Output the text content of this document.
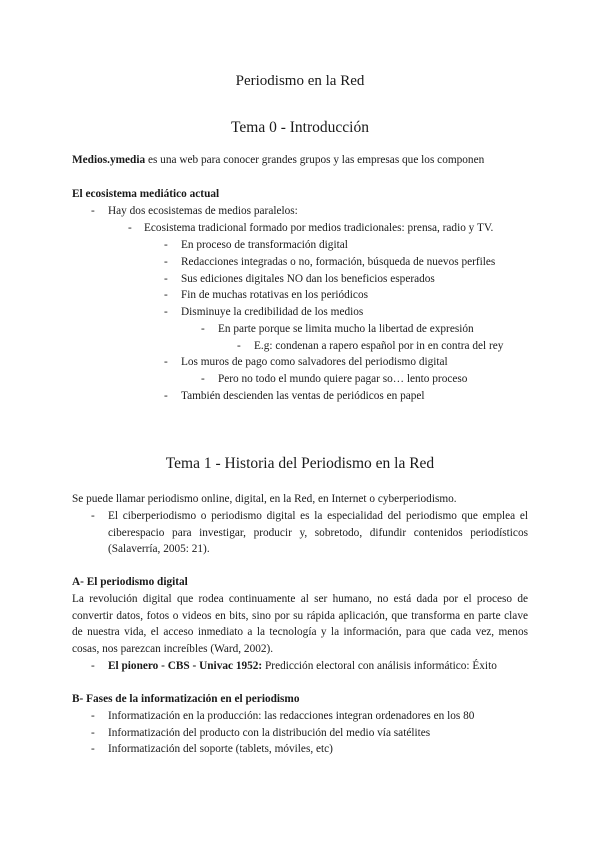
Periodismo en la Red
Tema 0 - Introducción
Medios.ymedia es una web para conocer grandes grupos y las empresas que los componen
El ecosistema mediático actual
- Hay dos ecosistemas de medios paralelos:
- Ecosistema tradicional formado por medios tradicionales: prensa, radio y TV.
- En proceso de transformación digital
- Redacciones integradas o no, formación, búsqueda de nuevos perfiles
- Sus ediciones digitales NO dan los beneficios esperados
- Fin de muchas rotativas en los periódicos
- Disminuye la credibilidad de los medios
- En parte porque se limita mucho la libertad de expresión
- E.g: condenan a rapero español por in en contra del rey
- Los muros de pago como salvadores del periodismo digital
- Pero no todo el mundo quiere pagar so… lento proceso
- También descienden las ventas de periódicos en papel
Tema 1 - Historia del Periodismo en la Red
Se puede llamar periodismo online, digital, en la Red, en Internet o cyberperiodismo.
- El ciberperiodismo o periodismo digital es la especialidad del periodismo que emplea el ciberespacio para investigar, producir y, sobretodo, difundir contenidos periodísticos (Salaverría, 2005: 21).
A- El periodismo digital
La revolución digital que rodea continuamente al ser humano, no está dada por el proceso de convertir datos, fotos o videos en bits, sino por su rápida aplicación, que transforma en parte clave de nuestra vida, el acceso inmediato a la tecnología y la información, para que cada vez, menos cosas, nos parezcan increíbles (Ward, 2002).
- El pionero - CBS - Univac 1952: Predicción electoral con análisis informático: Éxito
B- Fases de la informatización en el periodismo
- Informatización en la producción: las redacciones integran ordenadores en los 80
- Informatización del producto con la distribución del medio vía satélites
- Informatización del soporte (tablets, móviles, etc)
